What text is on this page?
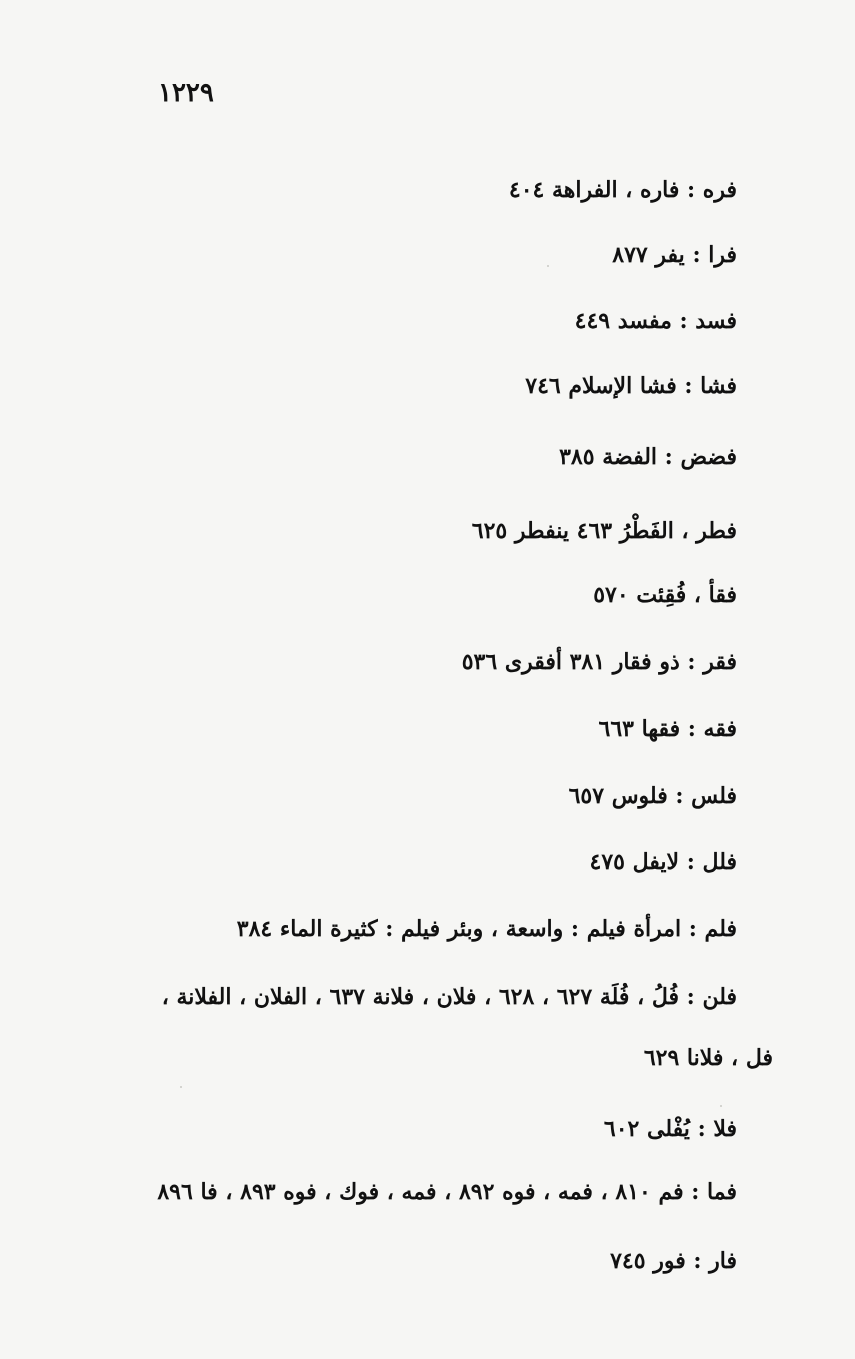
١٢٢٩
فره : فاره ، الفراهة ٤٠٤
فرا : يفر ٨٧٧
فسد : مفسد ٤٤٩
فشا : فشا الإسلام ٧٤٦
فضض : الفضة ٣٨٥
فطر ، الفَطْرُ ٤٦٣ ينفطر ٦٢٥
فقأ ، فُقِئت ٥٧٠
فقر : ذو فقار ٣٨١ أفقرى ٥٣٦
فقه : فقها ٦٦٣
فلس : فلوس ٦٥٧
فلل : لايفل ٤٧٥
فلم : امرأة فيلم : واسعة ، وبئر فيلم : كثيرة الماء ٣٨٤
فلن : فُلُ ، فُلَة ٦٢٧ ، ٦٢٨ ، فلان ، فلانة ٦٣٧ ، الفلان ، الفلانة ،
فل ، فلانا ٦٢٩
فلا : يُفْلى ٦٠٢
فما : فم ٨١٠ ، فمه ، فوه ٨٩٢ ، فمه ، فوك ، فوه ٨٩٣ ، فا ٨٩٦
فار : فور ٧٤٥
